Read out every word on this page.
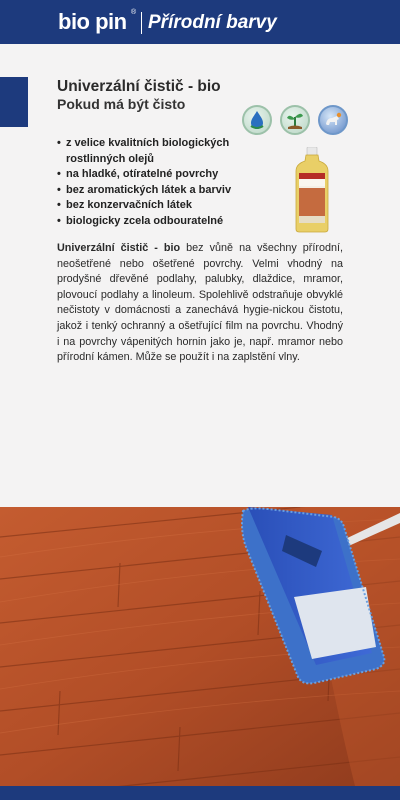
bio pin ® Přírodní barvy
Univerzální čistič - bio
Pokud má být čisto
• z velice kvalitních biologických rostlinných olejů
• na hladké, otíratelné povrchy
• bez aromatických látek a barviv
• bez konzervačních látek
• biologicky zcela odbouratelné
Univerzální čistič - bio bez vůně na všechny přírodní, neošetřené nebo ošetřené povrchy. Velmi vhodný na prodyšné dřevěné podlahy, palubky, dlaždice, mramor, plovoucí podlahy a linoleum. Spolehlivě odstraňuje obvyklé nečistoty v domácnosti a zanechává hygie-nickou čistotu, jakož i tenký ochranný a ošetřující film na povrchu. Vhodný i na povrchy vápenitých hornin jako je, např. mramor nebo přírodní kámen. Může se použít i na zaplstění vlny.
